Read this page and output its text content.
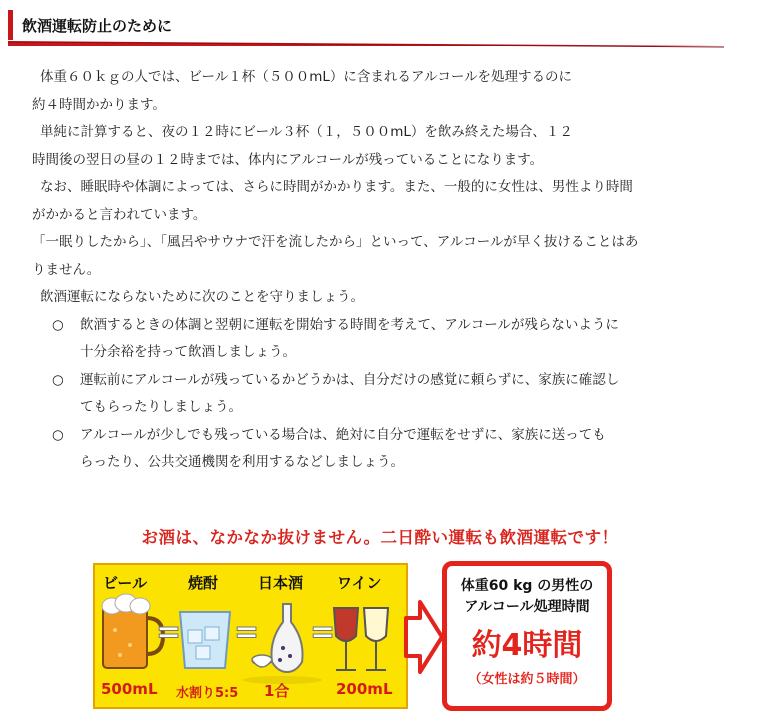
飲酒運転防止のために

体重６０ｋｇの人では、ビール１杯（５００mL）に含まれるアルコールを処理するのに

約４時間かかります。

単純に計算すると、夜の１２時にビール３杯（１，５００mL）を飲み終えた場合、１２

時間後の翌日の昼の１２時までは、体内にアルコールが残っていることになります。

なお、睡眠時や体調によっては、さらに時間がかかります。また、一般的に女性は、男性より時間

がかかると言われています。

「一眠りしたから」、「風呂やサウナで汗を流したから」といって、アルコールが早く抜けることはあ

りません。

飲酒運転にならないために次のことを守りましょう。

○ 飲酒するときの体調と翌朝に運転を開始する時間を考えて、アルコールが残らないように
十分余裕を持って飲酒しましょう。
○ 運転前にアルコールが残っているかどうかは、自分だけの感覚に頼らずに、家族に確認し
てもらったりしましょう。
○ アルコールが少しでも残っている場合は、絶対に自分で運転をせずに、家族に送っても
らったり、公共交通機関を利用するなどしましょう。
お酒は、なかなか抜けません。二日酔い運転も飲酒運転です！
ビール	焼酎	日本酒 ワイン
= = =
500mL 水割り5:5 1合	200mL
体重60 kg の男性の
アルコール処理時間
約4時間
（女性は約５時間）
